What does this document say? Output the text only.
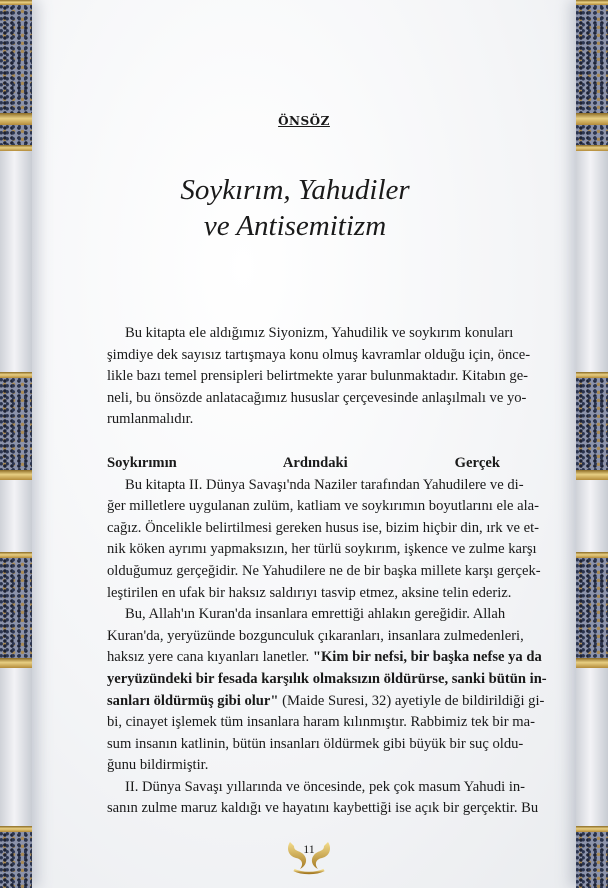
ÖNSÖZ
Soykırım, Yahudiler
ve Antisemitizm
Bu kitapta ele aldığımız Siyonizm, Yahudilik ve soykırım konuları
şimdiye dek sayısız tartışmaya konu olmuş kavramlar olduğu için, önce-
likle bazı temel prensipleri belirtmekte yarar bulunmaktadır. Kitabın ge-
neli, bu önsözde anlatacağımız hususlar çerçevesinde anlaşılmalı ve yo-
rumlanmalıdır.
Soykırımın Ardındaki Gerçek
Bu kitapta II. Dünya Savaşı'nda Naziler tarafından Yahudilere ve di-
ğer milletlere uygulanan zulüm, katliam ve soykırımın boyutlarını ele ala-
cağız. Öncelikle belirtilmesi gereken husus ise, bizim hiçbir din, ırk ve et-
nik köken ayrımı yapmaksızın, her türlü soykırım, işkence ve zulme karşı
olduğumuz gerçeğidir. Ne Yahudilere ne de bir başka millete karşı gerçek-
leştirilen en ufak bir haksız saldırıyı tasvip etmez, aksine telin ederiz.
Bu, Allah'ın Kuran'da insanlara emrettiği ahlakın gereğidir. Allah
Kuran'da, yeryüzünde bozgunculuk çıkaranları, insanlara zulmedenleri,
haksız yere cana kıyanları lanetler. "Kim bir nefsi, bir başka nefse ya da
yeryüzündeki bir fesada karşılık olmaksızın öldürürse, sanki bütün in-
sanları öldürmüş gibi olur" (Maide Suresi, 32) ayetiyle de bildirildiği gi-
bi, cinayet işlemek tüm insanlara haram kılınmıştır. Rabbimiz tek bir ma-
sum insanın katlinin, bütün insanları öldürmek gibi büyük bir suç oldu-
ğunu bildirmiştir.
II. Dünya Savaşı yıllarında ve öncesinde, pek çok masum Yahudi in-
sanın zulme maruz kaldığı ve hayatını kaybettiği ise açık bir gerçektir. Bu
11
